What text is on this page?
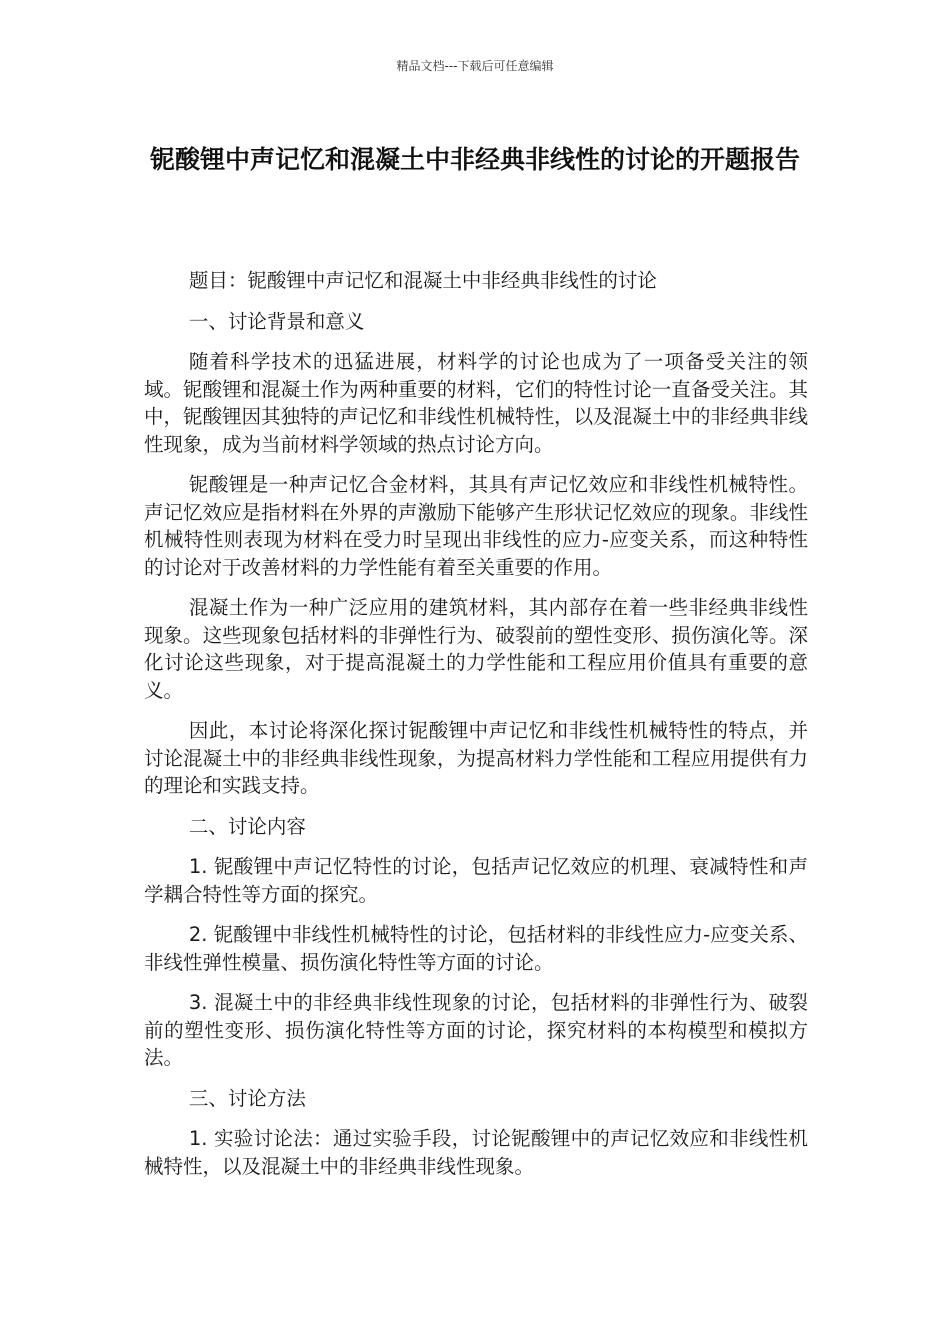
精品文档---下载后可任意编辑
铌酸锂中声记忆和混凝土中非经典非线性的讨论的开题报告

题目：铌酸锂中声记忆和混凝土中非经典非线性的讨论

一、讨论背景和意义

随着科学技术的迅猛进展，材料学的讨论也成为了一项备受关注的领域。铌酸锂和混凝土作为两种重要的材料，它们的特性讨论一直备受关注。其中，铌酸锂因其独特的声记忆和非线性机械特性，以及混凝土中的非经典非线性现象，成为当前材料学领域的热点讨论方向。

铌酸锂是一种声记忆合金材料，其具有声记忆效应和非线性机械特性。声记忆效应是指材料在外界的声激励下能够产生形状记忆效应的现象。非线性机械特性则表现为材料在受力时呈现出非线性的应力-应变关系，而这种特性的讨论对于改善材料的力学性能有着至关重要的作用。

混凝土作为一种广泛应用的建筑材料，其内部存在着一些非经典非线性现象。这些现象包括材料的非弹性行为、破裂前的塑性变形、损伤演化等。深化讨论这些现象，对于提高混凝土的力学性能和工程应用价值具有重要的意义。

因此，本讨论将深化探讨铌酸锂中声记忆和非线性机械特性的特点，并讨论混凝土中的非经典非线性现象，为提高材料力学性能和工程应用提供有力的理论和实践支持。

二、讨论内容

1. 铌酸锂中声记忆特性的讨论，包括声记忆效应的机理、衰减特性和声学耦合特性等方面的探究。

2. 铌酸锂中非线性机械特性的讨论，包括材料的非线性应力-应变关系、非线性弹性模量、损伤演化特性等方面的讨论。

3. 混凝土中的非经典非线性现象的讨论，包括材料的非弹性行为、破裂前的塑性变形、损伤演化特性等方面的讨论，探究材料的本构模型和模拟方法。

三、讨论方法

1. 实验讨论法：通过实验手段，讨论铌酸锂中的声记忆效应和非线性机械特性，以及混凝土中的非经典非线性现象。
